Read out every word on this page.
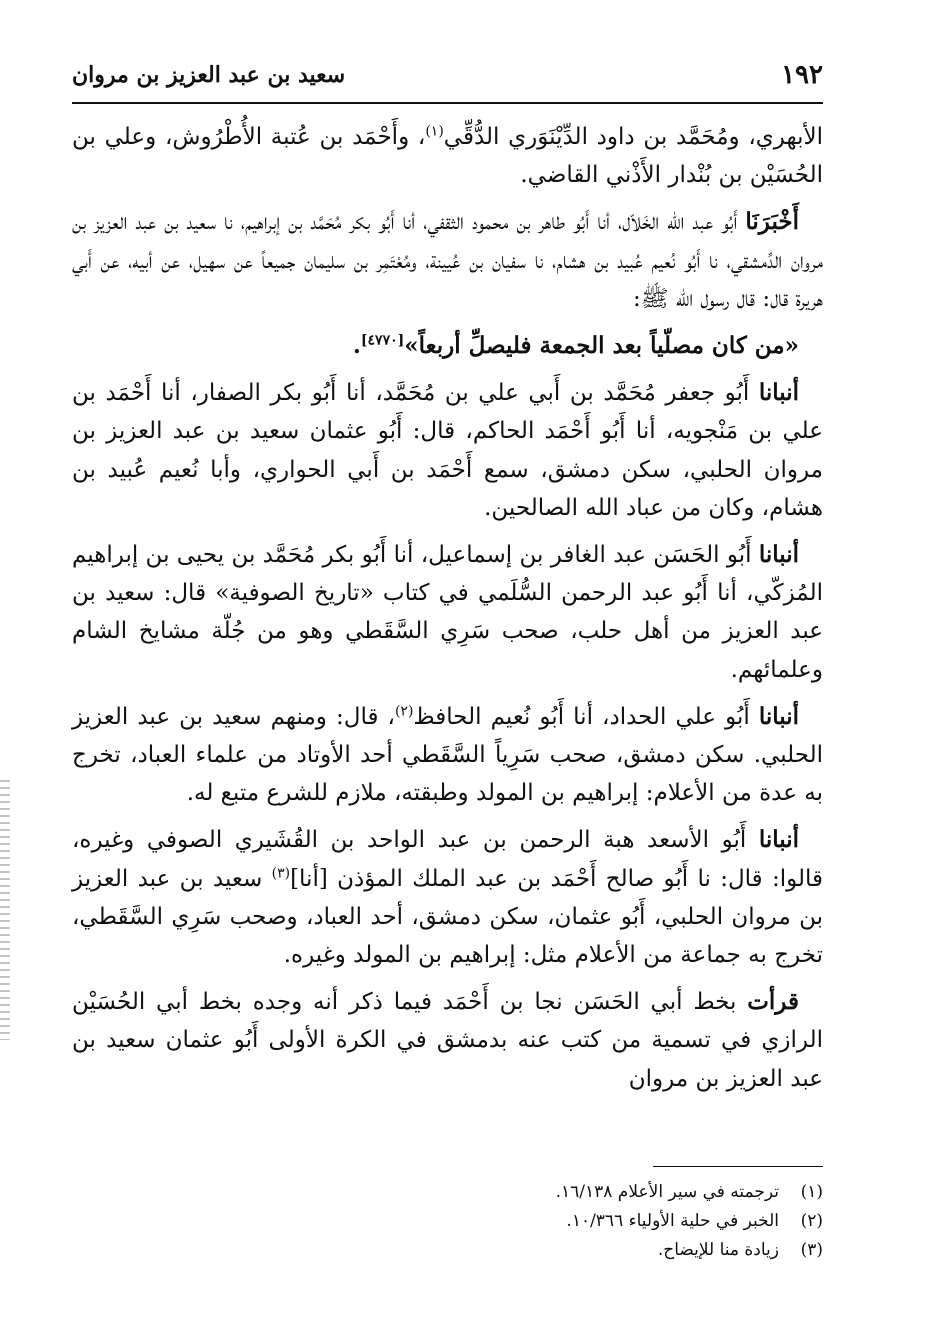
١٩٢
سعيد بن عبد العزيز بن مروان

الأبهري، ومُحَمَّد بن داود الدِّيْنَوَري الدُّقِّي$^{(١)}$، وأَحْمَد بن عُتبة الأُطْرُوش، وعلي بن الحُسَيْن بن بُنْدار الأَذْني القاضي.

أَخْبَرَنَا أَبُو عبد الله الخَلاّل، أنا أَبُو طاهر بن محمود الثقفي، أنا أَبُو بكر مُحَمَّد بن إبراهيم، نا سعيد بن عبد العزيز بن مروان الدِّمشقي، نا أَبُو نُعيم عُبيد بن هشام، نا سفيان بن عُيينة، ومُعْتَمِر بن سليمان جميعاً عن سهيل، عن أبيه، عن أَبي هريرة قال: قال رسول الله ﷺ:

«من كان مصلّياً بعد الجمعة فليصلِّ أربعاً»[٤٧٧٠].

أنبانا أَبُو جعفر مُحَمَّد بن أَبي علي بن مُحَمَّد، أنا أَبُو بكر الصفار، أنا أَحْمَد بن علي بن مَنْجويه، أنا أَبُو أَحْمَد الحاكم، قال: أَبُو عثمان سعيد بن عبد العزيز بن مروان الحلبي، سكن دمشق، سمع أَحْمَد بن أَبي الحواري، وأبا نُعيم عُبيد بن هشام، وكان من عباد الله الصالحين.

أنبانا أَبُو الحَسَن عبد الغافر بن إسماعيل، أنا أَبُو بكر مُحَمَّد بن يحيى بن إبراهيم المُزكّي، أنا أَبُو عبد الرحمن السُّلَمي في كتاب «تاريخ الصوفية» قال: سعيد بن عبد العزيز من أهل حلب، صحب سَرِي السَّقَطي وهو من جُلّة مشايخ الشام وعلمائهم.

أنبانا أَبُو علي الحداد، أنا أَبُو نُعيم الحافظ$^{(٢)}$، قال: ومنهم سعيد بن عبد العزيز الحلبي. سكن دمشق، صحب سَرِياً السَّقَطي أحد الأوتاد من علماء العباد، تخرج به عدة من الأعلام: إبراهيم بن المولد وطبقته، ملازم للشرع متبع له.

أنبانا أَبُو الأسعد هبة الرحمن بن عبد الواحد بن القُشَيري الصوفي وغيره، قالوا: قال: نا أَبُو صالح أَحْمَد بن عبد الملك المؤذن [أنا]$^{(٣)}$ سعيد بن عبد العزيز بن مروان الحلبي، أَبُو عثمان، سكن دمشق، أحد العباد، وصحب سَرِي السَّقَطي، تخرج به جماعة من الأعلام مثل: إبراهيم بن المولد وغيره.

قرأت بخط أبي الحَسَن نجا بن أَحْمَد فيما ذكر أنه وجده بخط أبي الحُسَيْن الرازي في تسمية من كتب عنه بدمشق في الكرة الأولى أَبُو عثمان سعيد بن عبد العزيز بن مروان

(١)
ترجمته في سير الأعلام ١٦/١٣٨.
(٢)
الخبر في حلية الأولياء ١٠/٣٦٦.
(٣)
زيادة منا للإيضاح.
